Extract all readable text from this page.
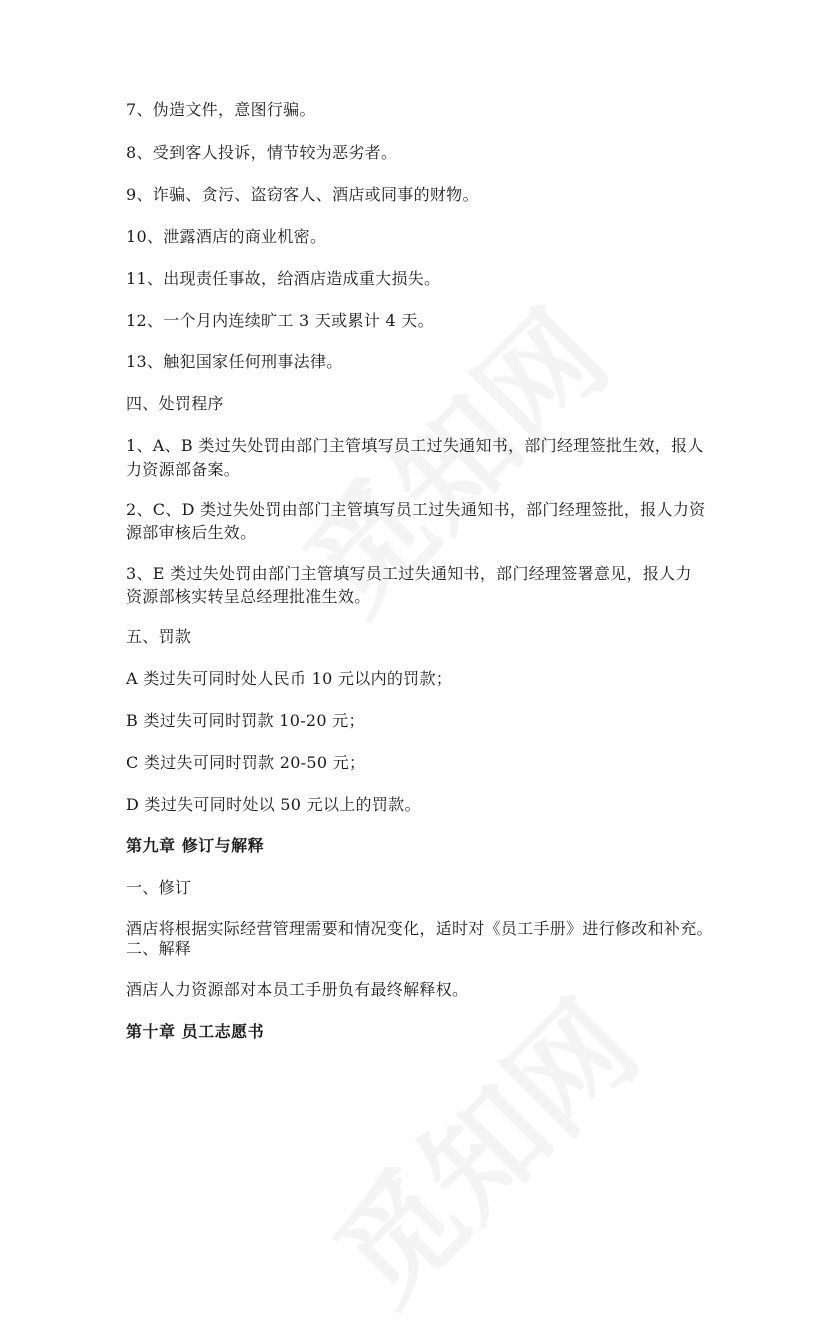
7、伪造文件，意图行骗。
8、受到客人投诉，情节较为恶劣者。
9、诈骗、贪污、盗窃客人、酒店或同事的财物。
10、泄露酒店的商业机密。
11、出现责任事故，给酒店造成重大损失。
12、一个月内连续旷工 3 天或累计 4 天。
13、触犯国家任何刑事法律。
四、处罚程序
1、A、B 类过失处罚由部门主管填写员工过失通知书，部门经理签批生效，报人
力资源部备案。
2、C、D 类过失处罚由部门主管填写员工过失通知书，部门经理签批，报人力资
源部审核后生效。
3、E 类过失处罚由部门主管填写员工过失通知书，部门经理签署意见，报人力
资源部核实转呈总经理批准生效。
五、罚款
A 类过失可同时处人民币 10 元以内的罚款；
B 类过失可同时罚款 10-20 元；
C 类过失可同时罚款 20-50 元；
D 类过失可同时处以 50 元以上的罚款。
第九章 修订与解释
一、修订
酒店将根据实际经营管理需要和情况变化，适时对《员工手册》进行修改和补充。
二、解释
酒店人力资源部对本员工手册负有最终解释权。
第十章 员工志愿书
